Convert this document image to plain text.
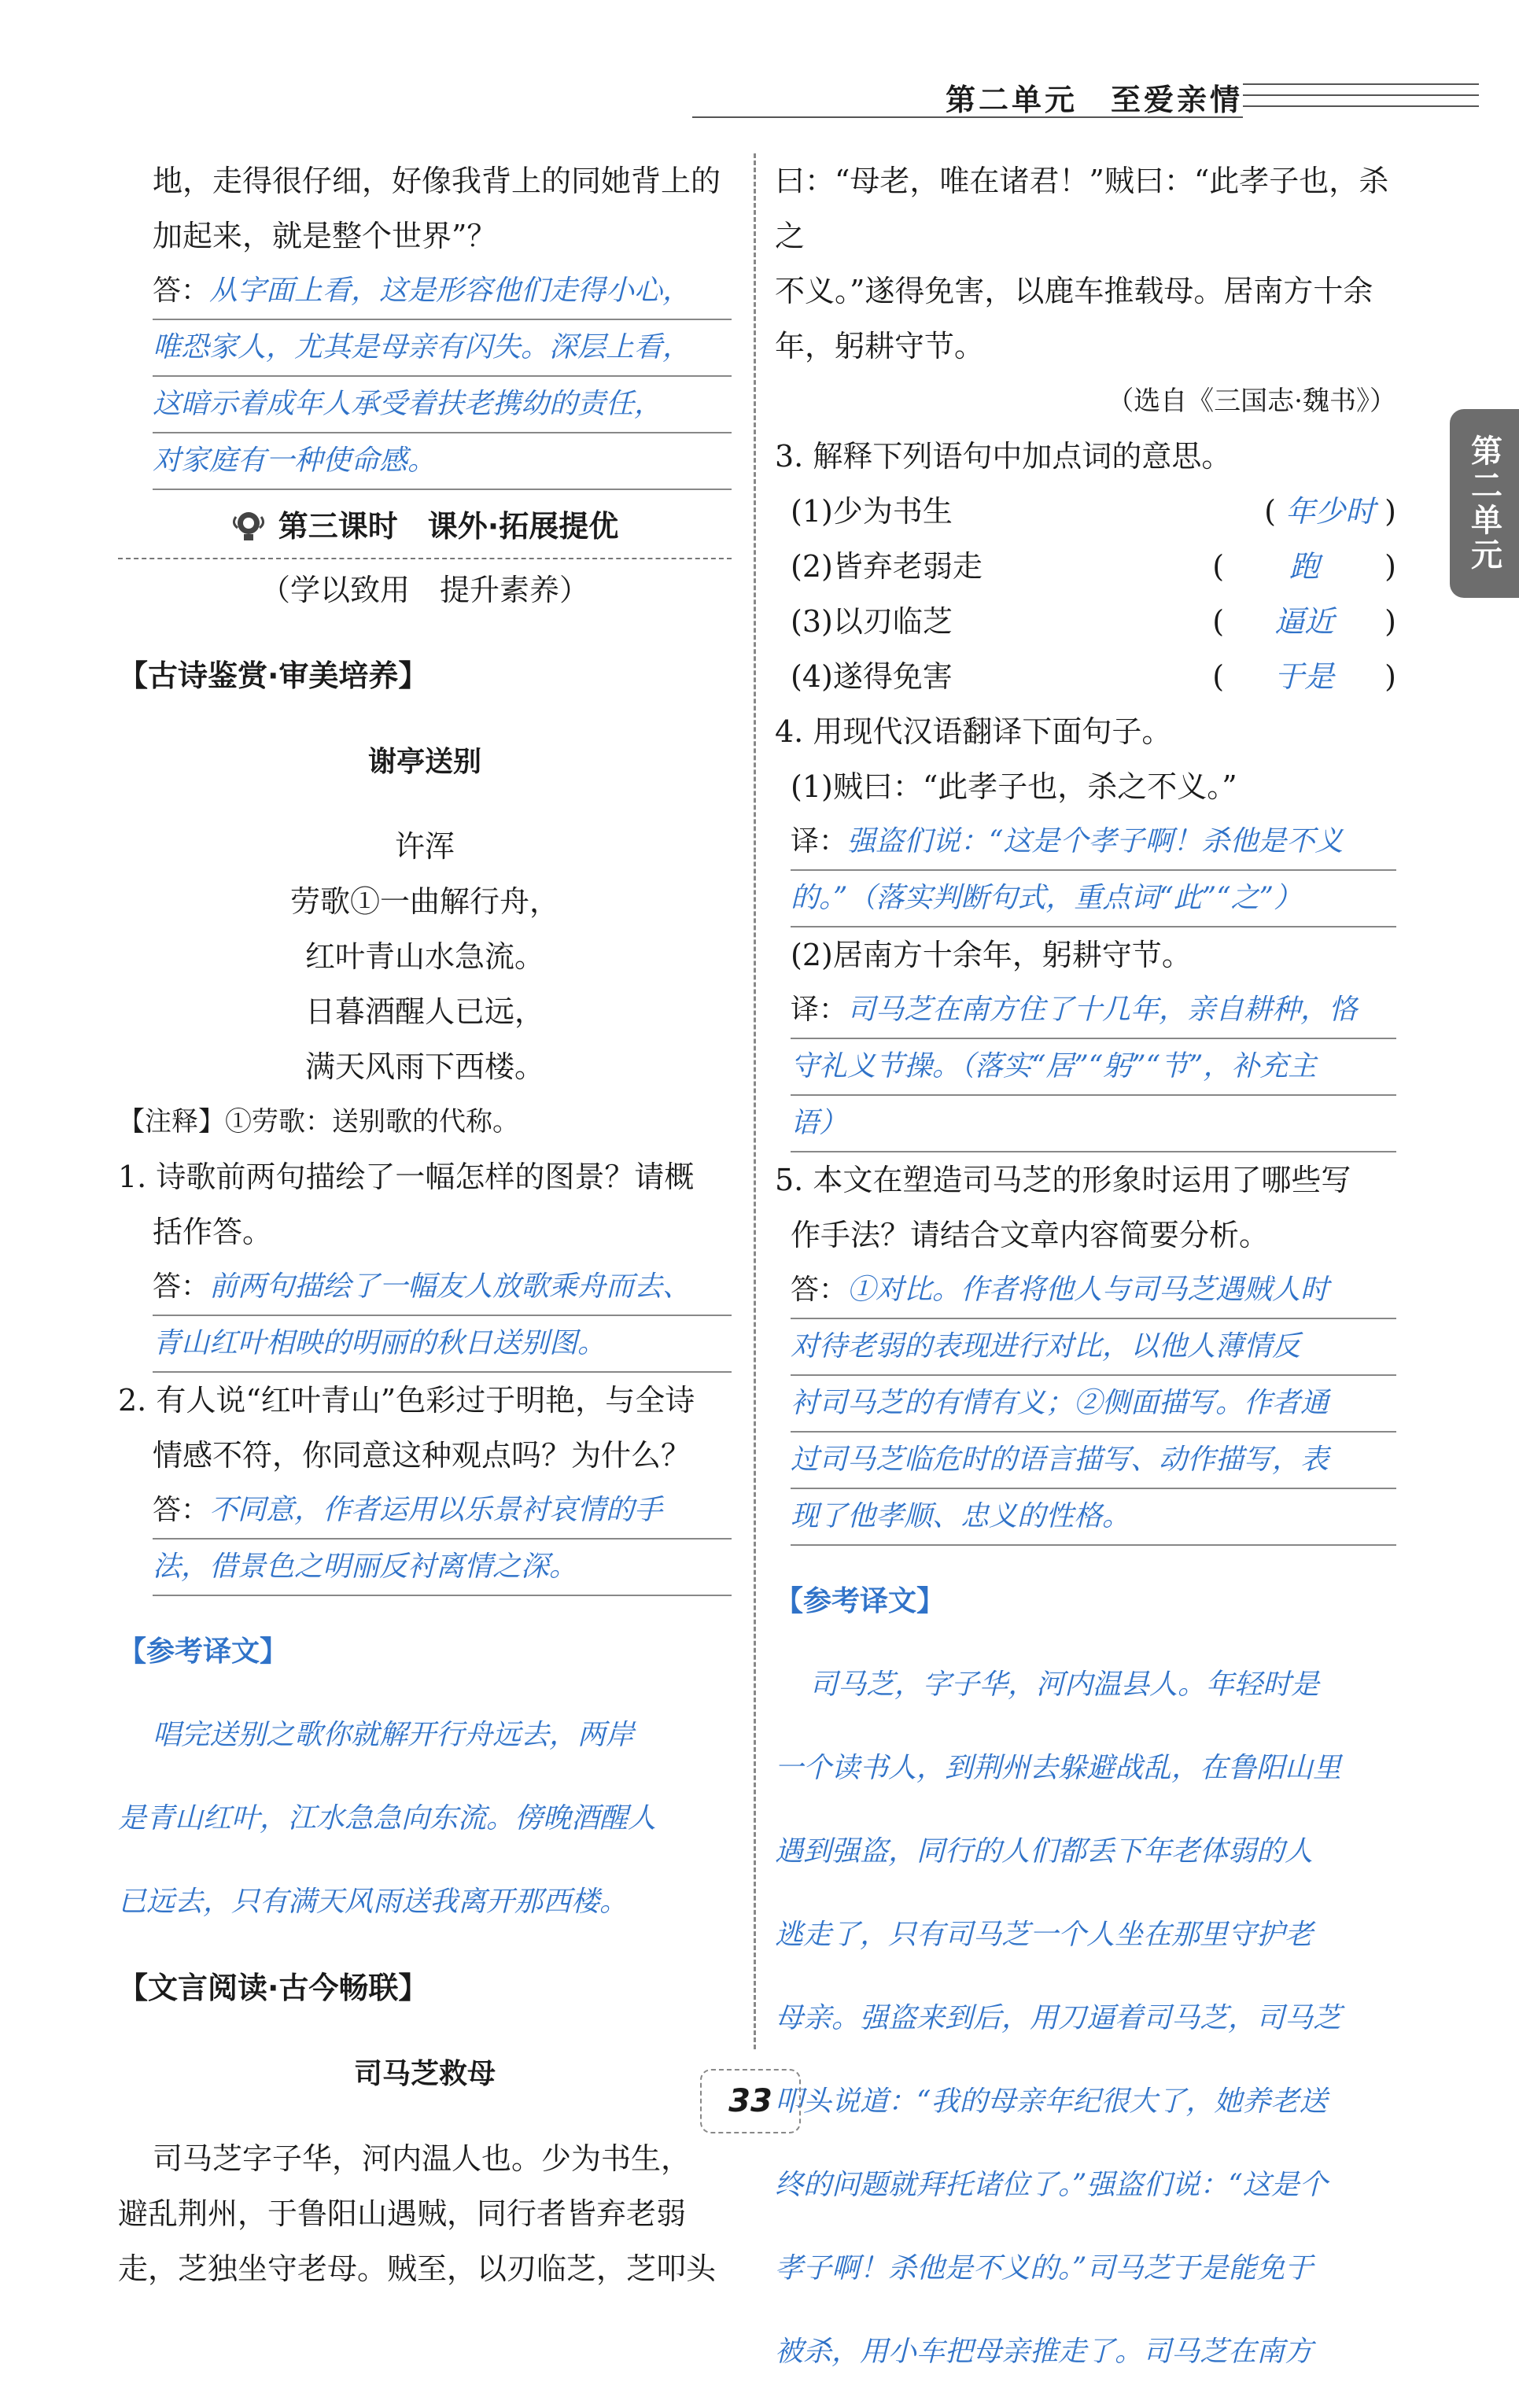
第二单元　至爱亲情
第二单元

地，走得很仔细，好像我背上的同她背上的

加起来，就是整个世界”？

答：从字面上看，这是形容他们走得小心，
唯恐家人，尤其是母亲有闪失。深层上看，
这暗示着成年人承受着扶老携幼的责任，
对家庭有一种使命感。
第三课时　课外·拓展提优

（学以致用　提升素养）

【古诗鉴赏·审美培养】

谢亭送别

许浑

劳歌①一曲解行舟，

红叶青山水急流。

日暮酒醒人已远，

满天风雨下西楼。

【注释】①劳歌：送别歌的代称。

1. 诗歌前两句描绘了一幅怎样的图景？请概

括作答。

答：前两句描绘了一幅友人放歌乘舟而去、
青山红叶相映的明丽的秋日送别图。

2. 有人说“红叶青山”色彩过于明艳，与全诗

情感不符，你同意这种观点吗？为什么？

答：不同意，作者运用以乐景衬哀情的手
法，借景色之明丽反衬离情之深。

【参考译文】

唱完送别之歌你就解开行舟远去，两岸

是青山红叶，江水急急向东流。傍晚酒醒人

已远去，只有满天风雨送我离开那西楼。

【文言阅读·古今畅联】

司马芝救母

司马芝字子华，河内温人也。少为书生，

避乱荆州，于鲁阳山遇贼，同行者皆弃老弱

走，芝独坐守老母。贼至，以刃临芝，芝叩头

曰：“母老，唯在诸君！”贼曰：“此孝子也，杀之

不义。”遂得免害，以鹿车推载母。居南方十余

年，躬耕守节。

（选自《三国志·魏书》）

3. 解释下列语句中加点词的意思。

(1)少为书生	( 年少时 )
(2)皆弃老弱走	( 跑 )
(3)以刃临芝	( 逼近 )
(4)遂得免害	( 于是 )

4. 用现代汉语翻译下面句子。

(1)贼曰：“此孝子也，杀之不义。”

译：强盗们说：“这是个孝子啊！杀他是不义
的。”（落实判断句式，重点词“此”“之”）

(2)居南方十余年，躬耕守节。

译：司马芝在南方住了十几年，亲自耕种，恪
守礼义节操。（落实“居”“躬”“节”，补充主
语）

5. 本文在塑造司马芝的形象时运用了哪些写

作手法？请结合文章内容简要分析。

答：①对比。作者将他人与司马芝遇贼人时
对待老弱的表现进行对比，以他人薄情反
衬司马芝的有情有义；②侧面描写。作者通
过司马芝临危时的语言描写、动作描写，表
现了他孝顺、忠义的性格。

【参考译文】

司马芝，字子华，河内温县人。年轻时是

一个读书人，到荆州去躲避战乱，在鲁阳山里

遇到强盗，同行的人们都丢下年老体弱的人

逃走了，只有司马芝一个人坐在那里守护老

母亲。强盗来到后，用刀逼着司马芝，司马芝

叩头说道：“我的母亲年纪很大了，她养老送

终的问题就拜托诸位了。”强盗们说：“这是个

孝子啊！杀他是不义的。”司马芝于是能免于

被杀，用小车把母亲推走了。司马芝在南方

33
